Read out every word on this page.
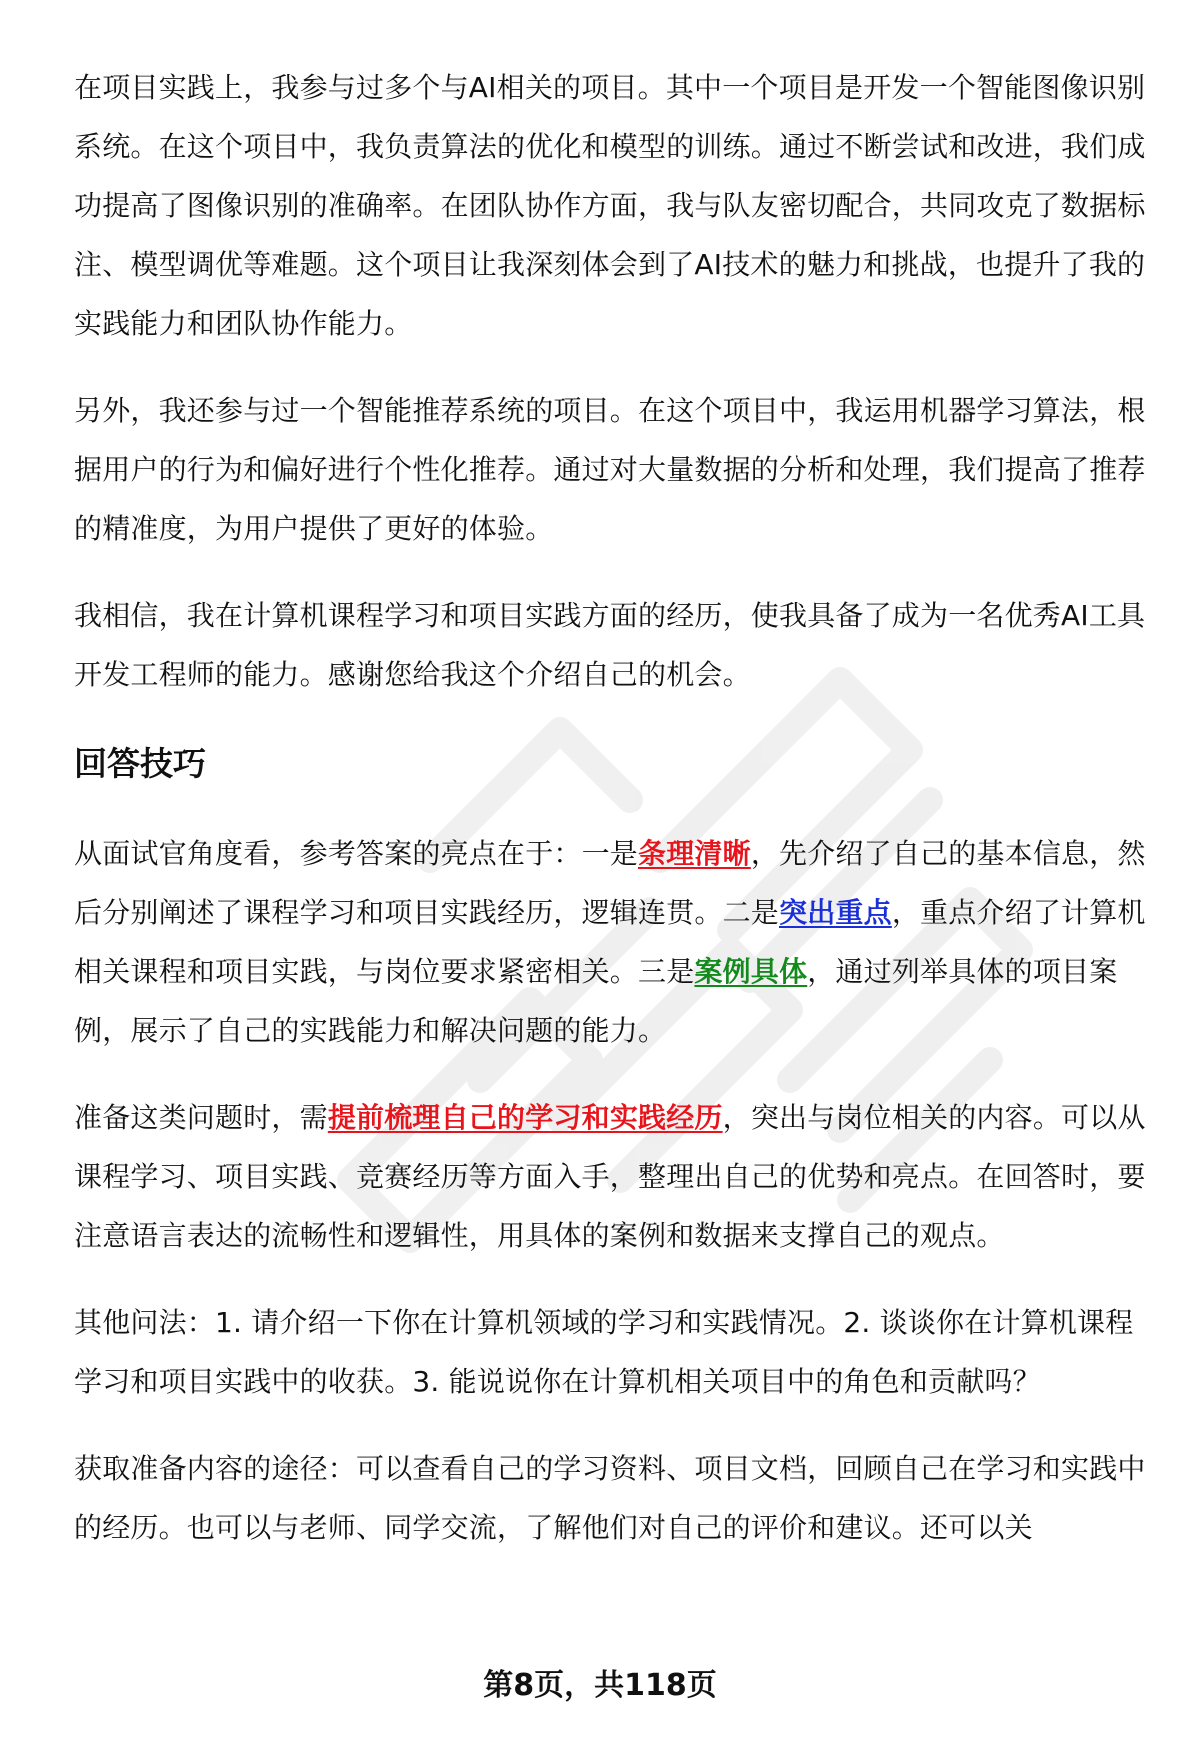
在项目实践上，我参与过多个与AI相关的项目。其中一个项目是开发一个智能图像识别系统。在这个项目中，我负责算法的优化和模型的训练。通过不断尝试和改进，我们成功提高了图像识别的准确率。在团队协作方面，我与队友密切配合，共同攻克了数据标注、模型调优等难题。这个项目让我深刻体会到了AI技术的魅力和挑战，也提升了我的实践能力和团队协作能力。

另外，我还参与过一个智能推荐系统的项目。在这个项目中，我运用机器学习算法，根据用户的行为和偏好进行个性化推荐。通过对大量数据的分析和处理，我们提高了推荐的精准度，为用户提供了更好的体验。

我相信，我在计算机课程学习和项目实践方面的经历，使我具备了成为一名优秀AI工具开发工程师的能力。感谢您给我这个介绍自己的机会。

回答技巧

从面试官角度看，参考答案的亮点在于：一是条理清晰，先介绍了自己的基本信息，然后分别阐述了课程学习和项目实践经历，逻辑连贯。二是突出重点，重点介绍了计算机相关课程和项目实践，与岗位要求紧密相关。三是案例具体，通过列举具体的项目案例，展示了自己的实践能力和解决问题的能力。

准备这类问题时，需提前梳理自己的学习和实践经历，突出与岗位相关的内容。可以从课程学习、项目实践、竞赛经历等方面入手，整理出自己的优势和亮点。在回答时，要注意语言表达的流畅性和逻辑性，用具体的案例和数据来支撑自己的观点。

其他问法：1. 请介绍一下你在计算机领域的学习和实践情况。2. 谈谈你在计算机课程学习和项目实践中的收获。3. 能说说你在计算机相关项目中的角色和贡献吗？

获取准备内容的途径：可以查看自己的学习资料、项目文档，回顾自己在学习和实践中的经历。也可以与老师、同学交流，了解他们对自己的评价和建议。还可以关

第8页，共118页
